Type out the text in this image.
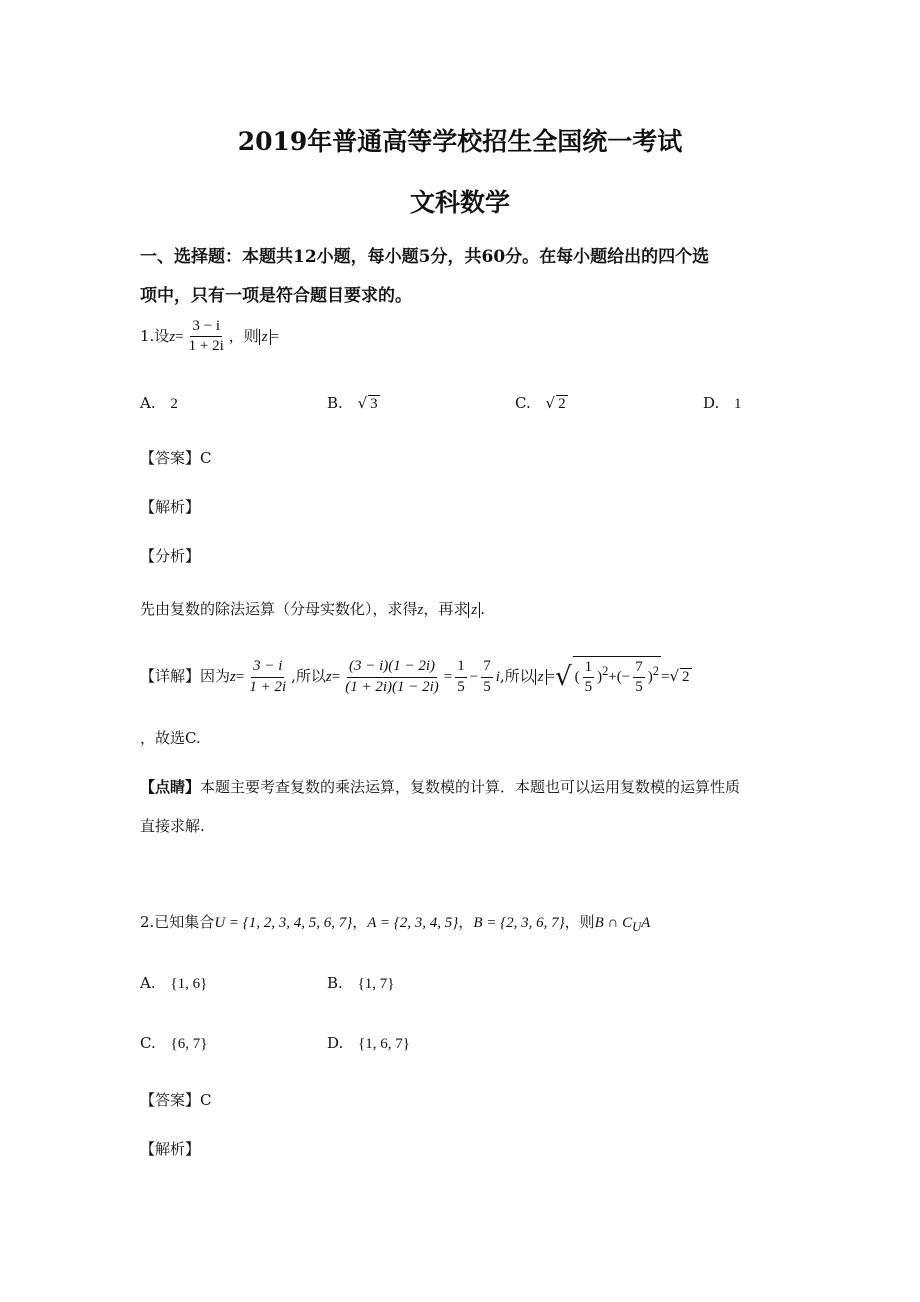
2019年普通高等学校招生全国统一考试
文科数学
一、选择题：本题共12小题，每小题5分，共60分。在每小题给出的四个选
项中，只有一项是符合题目要求的。
1.设$z= \frac{3 - i}{1 + 2i}$ ，则 z =
A. 2	B. √ 3	C. √ 2	D. 1
【答案】C
【解析】
【分析】
先由复数的除法运算（分母实数化），求得z，再求 z .
【详解】因为$z= \frac{3 - i}{1 + 2i}$ ,所以$z= \frac{(3 - i)(1 - 2i)}{(1 + 2i)(1 - 2i)} = \frac{1}{5} - \frac{7}{5} i$,所以 z =√ ( $\frac{1}{5} )^2+(- \frac{7}{5} )^2$ =√ 2
，故选C.
【点睛】本题主要考查复数的乘法运算，复数模的计算．本题也可以运用复数模的运算性质
直接求解.
2.已知集合U = {1, 2, 3, 4, 5, 6, 7}，A = {2, 3, 4, 5}，B = {2, 3, 6, 7}，则B ∩ $C_UA$
A. {1, 6}	B. {1, 7}
C. {6, 7}	D. {1, 6, 7}
【答案】C
【解析】
